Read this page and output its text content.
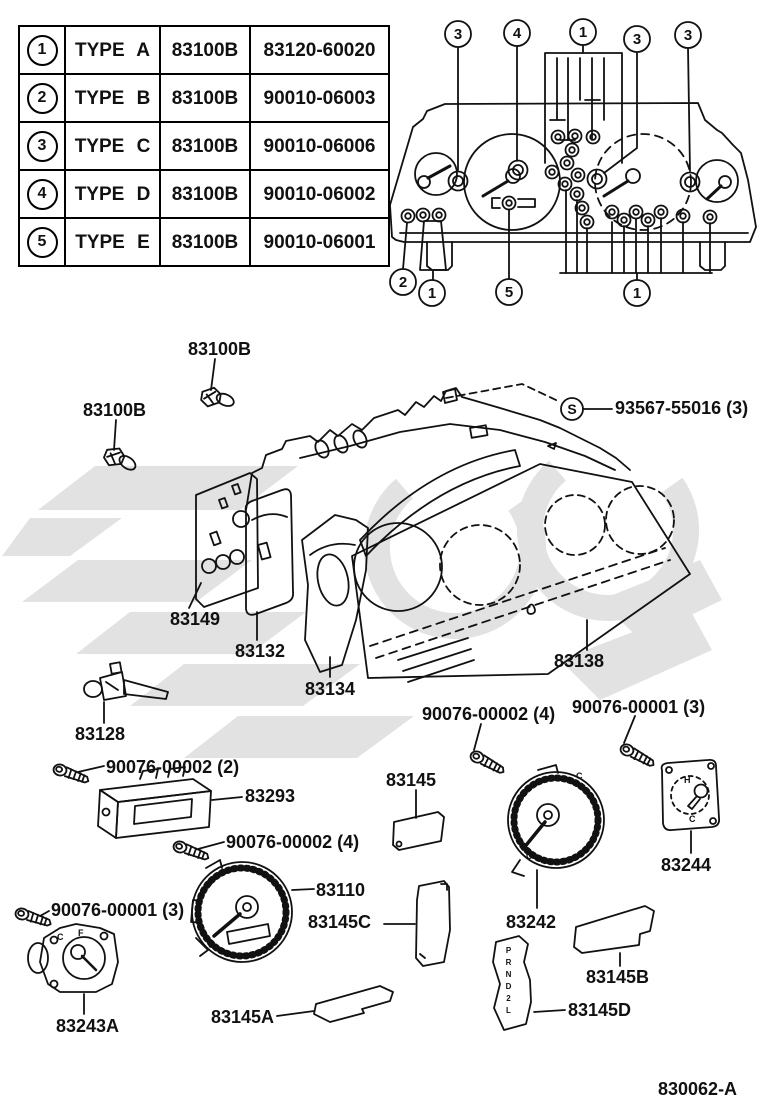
3	4	1	3	3
2
1	5	1
S
C
C
C
C
C F
H
C
1	TYPE A	83100B	83120-60020
2	TYPE B	83100B	90010-06003
3	TYPE C	83100B	90010-06006
4	TYPE D	83100B	90010-06002
5	TYPE E	83100B	90010-06001
83100B
83100B	93567-55016 (3)
83149
83132
83134
83138
83128
90076-00002 (2)
83293
90076-00002 (4)
90076-00002 (4) 90076-00001 (3)
90076-00001 (3)
83145
83110
83145C
83243A	83145A
83242
83244
83145B
83145D
PRND2L
830062-A
